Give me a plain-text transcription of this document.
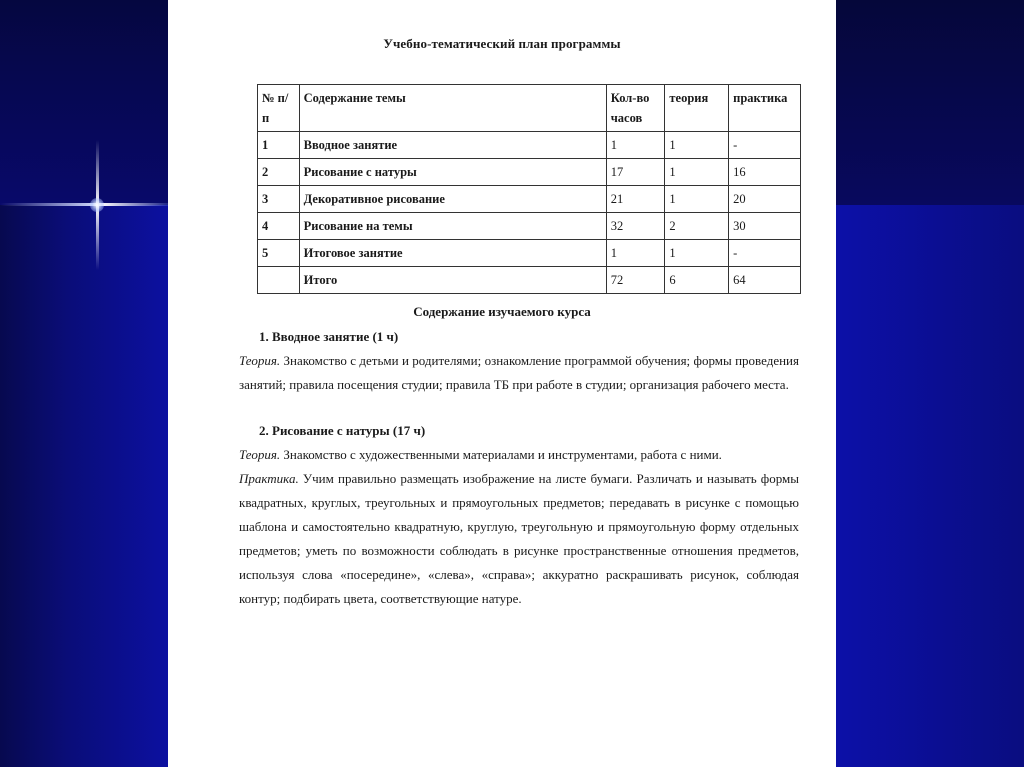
Учебно-тематический план программы
№ п/п	Содержание темы	Кол-во часов	теория	практика
1	Вводное занятие	1	1	-
2	Рисование с натуры	17	1	16
3	Декоративное рисование	21	1	20
4	Рисование на темы	32	2	30
5	Итоговое занятие	1	1	-
	Итого	72	6	64
Содержание изучаемого курса
1. Вводное занятие (1 ч)
Теория. Знакомство с детьми и родителями; ознакомление программой обучения; формы проведения занятий; правила посещения студии; правила ТБ при работе в студии; организация рабочего места.
2. Рисование с натуры (17 ч)
Теория. Знакомство с художественными материалами и инструментами, работа с ними.
Практика. Учим правильно размещать изображение на листе бумаги. Различать и называть формы квадратных, круглых, треугольных и прямоугольных предметов; передавать в рисунке с помощью шаблона и самостоятельно квадратную, круглую, треугольную и прямоугольную форму отдельных предметов; уметь по возможности соблюдать в рисунке пространственные отношения предметов, используя слова «посередине», «слева», «справа»; аккуратно раскрашивать рисунок, соблюдая контур; подбирать цвета, соответствующие натуре.
